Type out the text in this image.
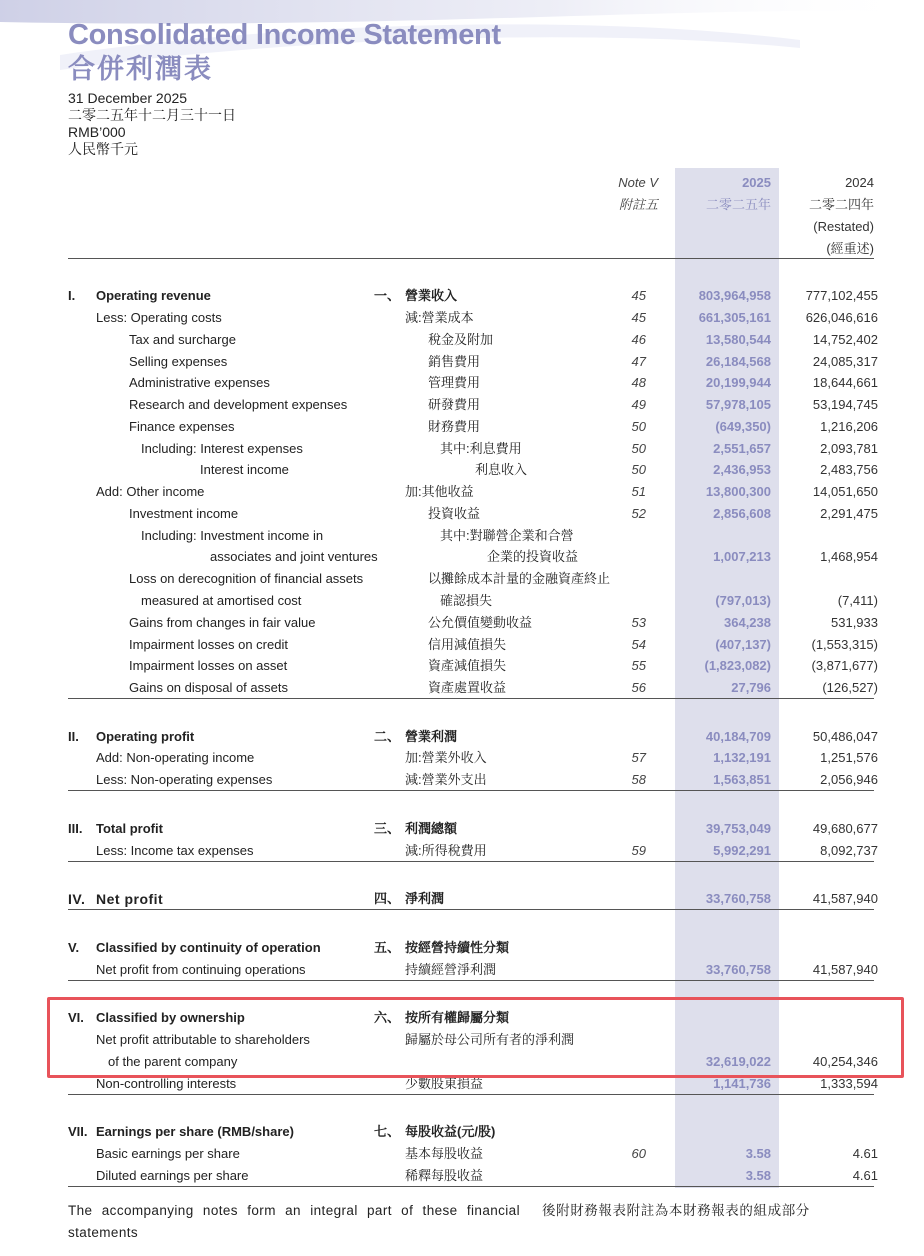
Consolidated Income Statement
合併利潤表
31 December 2025
二零二五年十二月三十一日
RMB’000
人民幣千元
Note V
附註五
2025
二零二五年
2024
二零二四年
(Restated)
(經重述)
I.	Operating revenue	一、 營業收入	45	803,964,958	777,102,455
Less: Operating costs	減:營業成本	45	661,305,161	626,046,616
Tax and surcharge	稅金及附加	46	13,580,544	14,752,402
Selling expenses	銷售費用	47	26,184,568	24,085,317
Administrative expenses	管理費用	48	20,199,944	18,644,661
Research and development expenses	研發費用	49	57,978,105	53,194,745
Finance expenses	財務費用	50	(649,350)	1,216,206
Including: Interest expenses	其中:利息費用	50	2,551,657	2,093,781
Interest income	利息收入	50	2,436,953	2,483,756
Add: Other income	加:其他收益	51	13,800,300	14,051,650
Investment income	投資收益	52	2,856,608	2,291,475
Including: Investment income in	其中:對聯營企業和合營
associates and joint ventures	企業的投資收益	1,007,213	1,468,954
Loss on derecognition of financial assets	以攤餘成本計量的金融資產終止
measured at amortised cost	確認損失	(797,013)	(7,411)
Gains from changes in fair value	公允價值變動收益	53	364,238	531,933
Impairment losses on credit	信用減值損失	54	(407,137)	(1,553,315)
Impairment losses on asset	資產減值損失	55	(1,823,082)	(3,871,677)
Gains on disposal of assets	資產處置收益	56	27,796	(126,527)
II.	Operating profit	二、 營業利潤	40,184,709	50,486,047
Add: Non-operating income	加:營業外收入	57	1,132,191	1,251,576
Less: Non-operating expenses	減:營業外支出	58	1,563,851	2,056,946
III.	Total profit	三、 利潤總額	39,753,049	49,680,677
Less: Income tax expenses	減:所得稅費用	59	5,992,291	8,092,737
IV. Net profit	四、 淨利潤	33,760,758	41,587,940
V.	Classified by continuity of operation	五、 按經營持續性分類
Net profit from continuing operations	持續經營淨利潤	33,760,758	41,587,940
VI. Classified by ownership	六、 按所有權歸屬分類
Net profit attributable to shareholders	歸屬於母公司所有者的淨利潤
of the parent company	32,619,022	40,254,346
Non-controlling interests	少數股東損益	1,141,736	1,333,594
VII. Earnings per share (RMB/share)	七、 每股收益(元/股)
Basic earnings per share	基本每股收益	60	3.58	4.61
Diluted earnings per share	稀釋每股收益	3.58	4.61
The accompanying notes form an integral part of these financial statements
後附財務報表附註為本財務報表的組成部分
